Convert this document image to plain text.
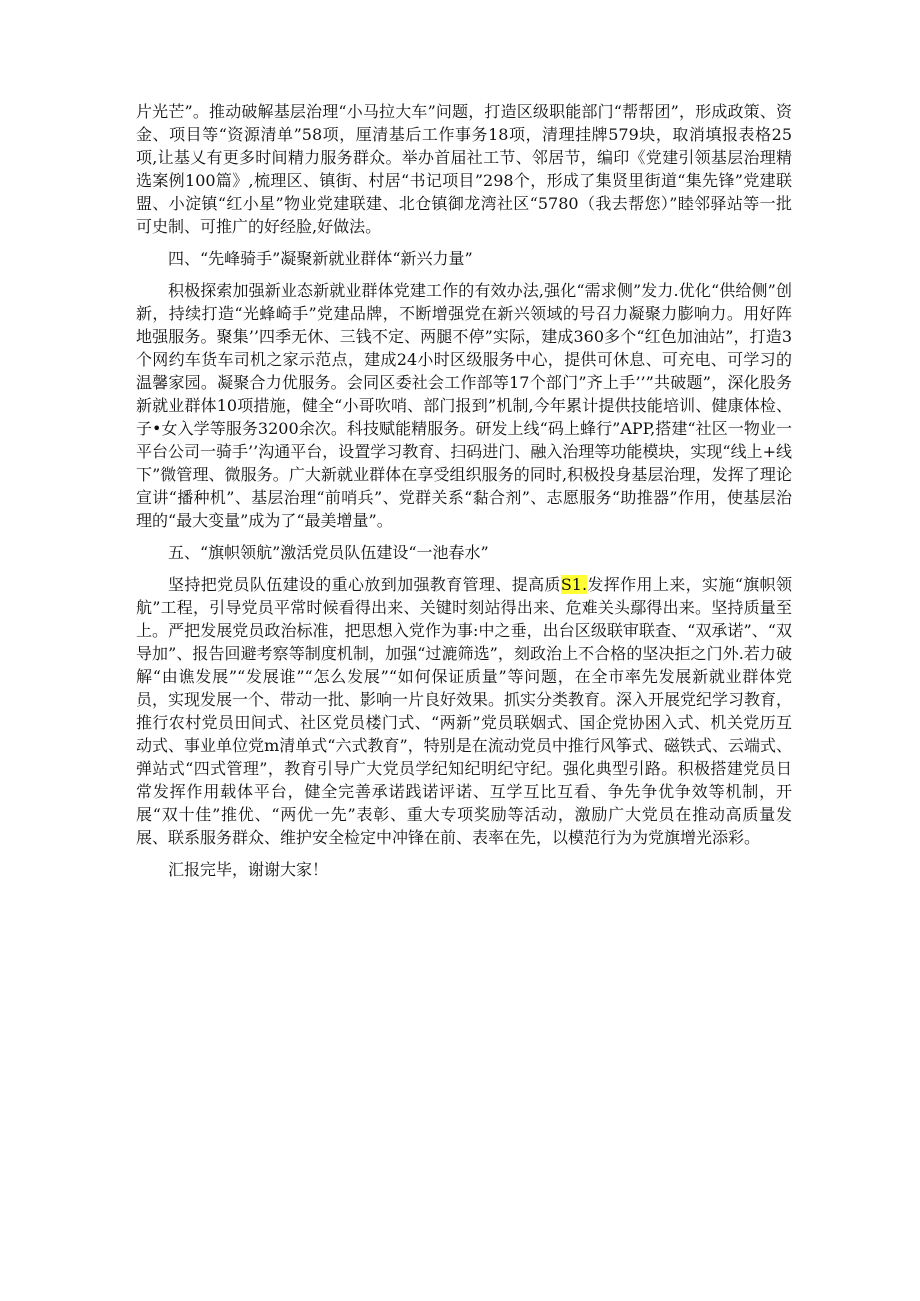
片光芒”。推动破解基层治理“小马拉大车”问题，打造区级职能部门“帮帮团”，形成政策、资金、项目等“资源清单”58项，厘清基后工作事务18项，清理挂牌579块，取消填报表格25项,让基乂有更多时间精力服务群众。举办首届社工节、邻居节，编印《党建引领基层治理精选案例100篇》,梳理区、镇街、村居“书记项目”298个，形成了集贤里街道“集先锋”党建联盟、小淀镇“红小星”物业党建联建、北仓镇御龙湾社区“5780（我去帮您）”睦邻驿站等一批可史制、可推广的好经脸,好做法。

四、“先峰骑手”凝聚新就业群体“新兴力量”

积极探索加强新业态新就业群体党建工作的有效办法,强化“需求侧”发力.优化“供给侧”创新，持续打造“光蜂崎手”党建品牌，不断增强党在新兴领域的号召力凝聚力膨响力。用好阵地强服务。聚集’’四季无休、三钱不定、两腿不停”实际，建成360多个“红色加油站”，打造3个网约车货车司机之家示范点，建成24小时区级服务中心，提供可休息、可充电、可学习的温馨家园。凝聚合力优服务。会同区委社会工作部等17个部门”齐上手’’”共破题”，深化股务新就业群体10项措施，健全“小哥吹哨、部门报到”机制,今年累计提供技能培训、健康体检、子•女入学等服务3200余次。科技赋能精服务。研发上线“码上蜂行”APP,搭建“社区一物业一平台公司一骑手’’沟通平台，设置学习教育、扫码进门、融入治理等功能模块，实现“线上+线下”微管理、微服务。广大新就业群体在享受组织服务的同时,积极投身基层治理，发挥了理论宣讲“播种机”、基层治理“前哨兵”、党群关系“黏合剂”、志愿服务“助推器”作用，使基层治理的“最大变量”成为了“最美增量”。

五、“旗帜领航”激活党员队伍建设“一池春水”

坚持把党员队伍建设的重心放到加强教育管理、提高质S1.发挥作用上来，实施“旗帜领航”工程，引导党员平常时候看得出来、关键时刻站得出来、危难关头鄢得出来。坚持质量至上。严把发展党员政治标准，把思想入党作为事:中之垂，出台区级联审联查、“双承诺”、“双导加”、报告回避考察等制度机制，加强“过漉筛选”，刻政治上不合格的坚决拒之门外.若力破解“由谯发展”“发展谁”“怎么发展”“如何保证质量”等问题，在全市率先发展新就业群体党员，实现发展一个、带动一批、影响一片良好效果。抓实分类教育。深入开展党纪学习教育，推行农村党员田间式、社区党员楼门式、“两新”党员联姻式、国企党协困入式、机关党历互动式、事业单位党m清单式“六式教育”，特别是在流动党员中推行风筝式、磁铁式、云端式、弹站式“四式管理”，教育引导广大党员学纪知纪明纪守纪。强化典型引路。积极搭建党员日常发挥作用载体平台，健全完善承诺践诺评诺、互学互比互看、争先争优争效等机制，开展“双十佳”推优、“两优一先”表彰、重大专项奖励等活动，激励广大党员在推动高质量发展、联系服务群众、维护安全检定中冲锋在前、表率在先，以模范行为为党旗增光添彩。

汇报完毕，谢谢大家！
